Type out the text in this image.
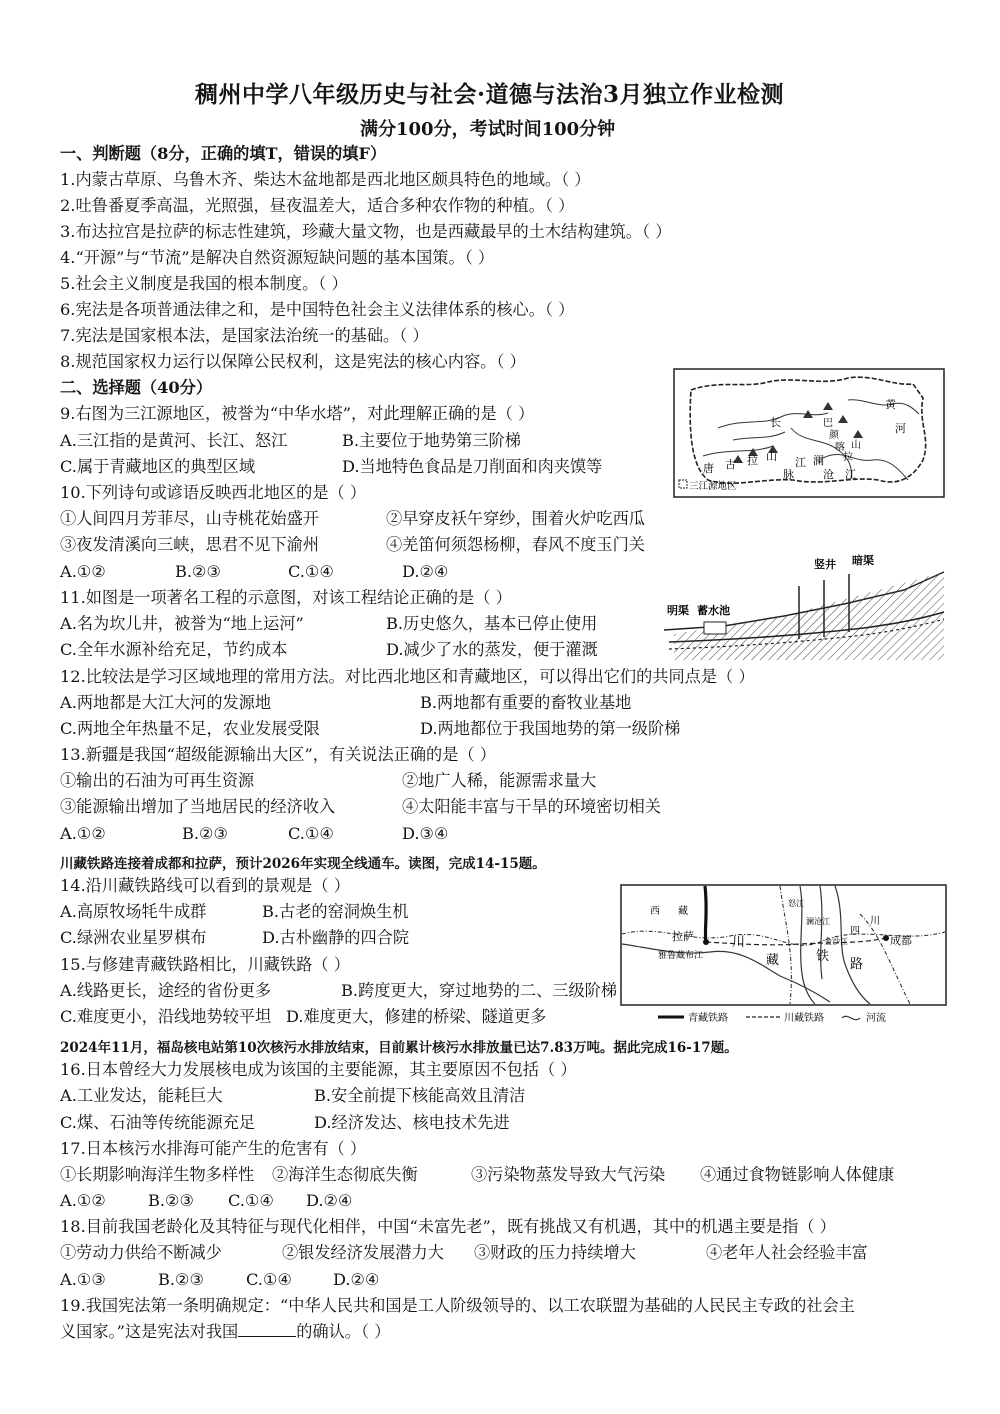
稠州中学八年级历史与社会·道德与法治3月独立作业检测
满分100分，考试时间100分钟
一、判断题（8分，正确的填T，错误的填F）
1.内蒙古草原、乌鲁木齐、柴达木盆地都是西北地区颇具特色的地域。（ ）
2.吐鲁番夏季高温，光照强，昼夜温差大，适合多种农作物的种植。（ ）
3.布达拉宫是拉萨的标志性建筑，珍藏大量文物，也是西藏最早的土木结构建筑。（ ）
4.“开源”与“节流”是解决自然资源短缺问题的基本国策。（ ）
5.社会主义制度是我国的根本制度。（ ）
6.宪法是各项普通法律之和，是中国特色社会主义法律体系的核心。（ ）
7.宪法是国家根本法，是国家法治统一的基础。（ ）
8.规范国家权力运行以保障公民权利，这是宪法的核心内容。（ ）
二、选择题（40分）
9.右图为三江源地区，被誉为“中华水塔”，对此理解正确的是（ ）
A.三江指的是黄河、长江、怒江	B.主要位于地势第三阶梯
C.属于青藏地区的典型区域	D.当地特色食品是刀削面和肉夹馍等
长
江
黄
河
巴
颜
喀
拉
山
唐 古 拉 山
脉
澜
沧 江
三江源地区
10.下列诗句或谚语反映西北地区的是（ ）
①人间四月芳菲尽，山寺桃花始盛开	②早穿皮袄午穿纱，围着火炉吃西瓜
③夜发清溪向三峡，思君不见下渝州	④羌笛何须怨杨柳，春风不度玉门关
A.①②	B.②③	C.①④	D.②④
明渠 蓄水池
竖井 暗渠
11.如图是一项著名工程的示意图，对该工程结论正确的是（ ）
A.名为坎儿井，被誉为“地上运河”	B.历史悠久，基本已停止使用
C.全年水源补给充足，节约成本	D.减少了水的蒸发，便于灌溉
12.比较法是学习区域地理的常用方法。对比西北地区和青藏地区，可以得出它们的共同点是（ ）
A.两地都是大江大河的发源地	B.两地都有重要的畜牧业基地
C.两地全年热量不足，农业发展受限	D.两地都位于我国地势的第一级阶梯
13.新疆是我国“超级能源输出大区”，有关说法正确的是（ ）
①输出的石油为可再生资源	②地广人稀，能源需求量大
③能源输出增加了当地居民的经济收入	④太阳能丰富与干旱的环境密切相关
A.①②	B.②③	C.①④	D.③④
川藏铁路连接着成都和拉萨，预计2026年实现全线通车。读图，完成14-15题。
14.沿川藏铁路线可以看到的景观是（ ）
A.高原牧场牦牛成群	B.古老的窑洞焕生机
C.绿洲农业星罗棋布	D.古朴幽静的四合院
15.与修建青藏铁路相比，川藏铁路（ ）
A.线路更长，途经的省份更多	B.跨度更大，穿过地势的二、三级阶梯
C.难度更小，沿线地势较平坦 D.难度更大，修建的桥梁、隧道更多
西 藏
四
川
拉萨	成都
川
藏	铁
路
雅鲁藏布江
怒江
澜沧江
金沙江
青藏铁路	川藏铁路	河流
2024年11月，福岛核电站第10次核污水排放结束，目前累计核污水排放量已达7.83万吨。据此完成16-17题。
16.日本曾经大力发展核电成为该国的主要能源，其主要原因不包括（ ）
A.工业发达，能耗巨大	B.安全前提下核能高效且清洁
C.煤、石油等传统能源充足	D.经济发达、核电技术先进
17.日本核污水排海可能产生的危害有（ ）
①长期影响海洋生物多样性 ②海洋生态彻底失衡	③污染物蒸发导致大气污染 ④通过食物链影响人体健康
A.①②	B.②③ C.①④ D.②④
18.目前我国老龄化及其特征与现代化相伴，中国“未富先老”，既有挑战又有机遇，其中的机遇主要是指（ ）
①劳动力供给不断减少	②银发经济发展潜力大 ③财政的压力持续增大	④老年人社会经验丰富
A.①③	B.②③	C.①④	D.②④
19.我国宪法第一条明确规定：“中华人民共和国是工人阶级领导的、以工农联盟为基础的人民民主专政的社会主
义国家。”这是宪法对我国	的确认。（ ）
